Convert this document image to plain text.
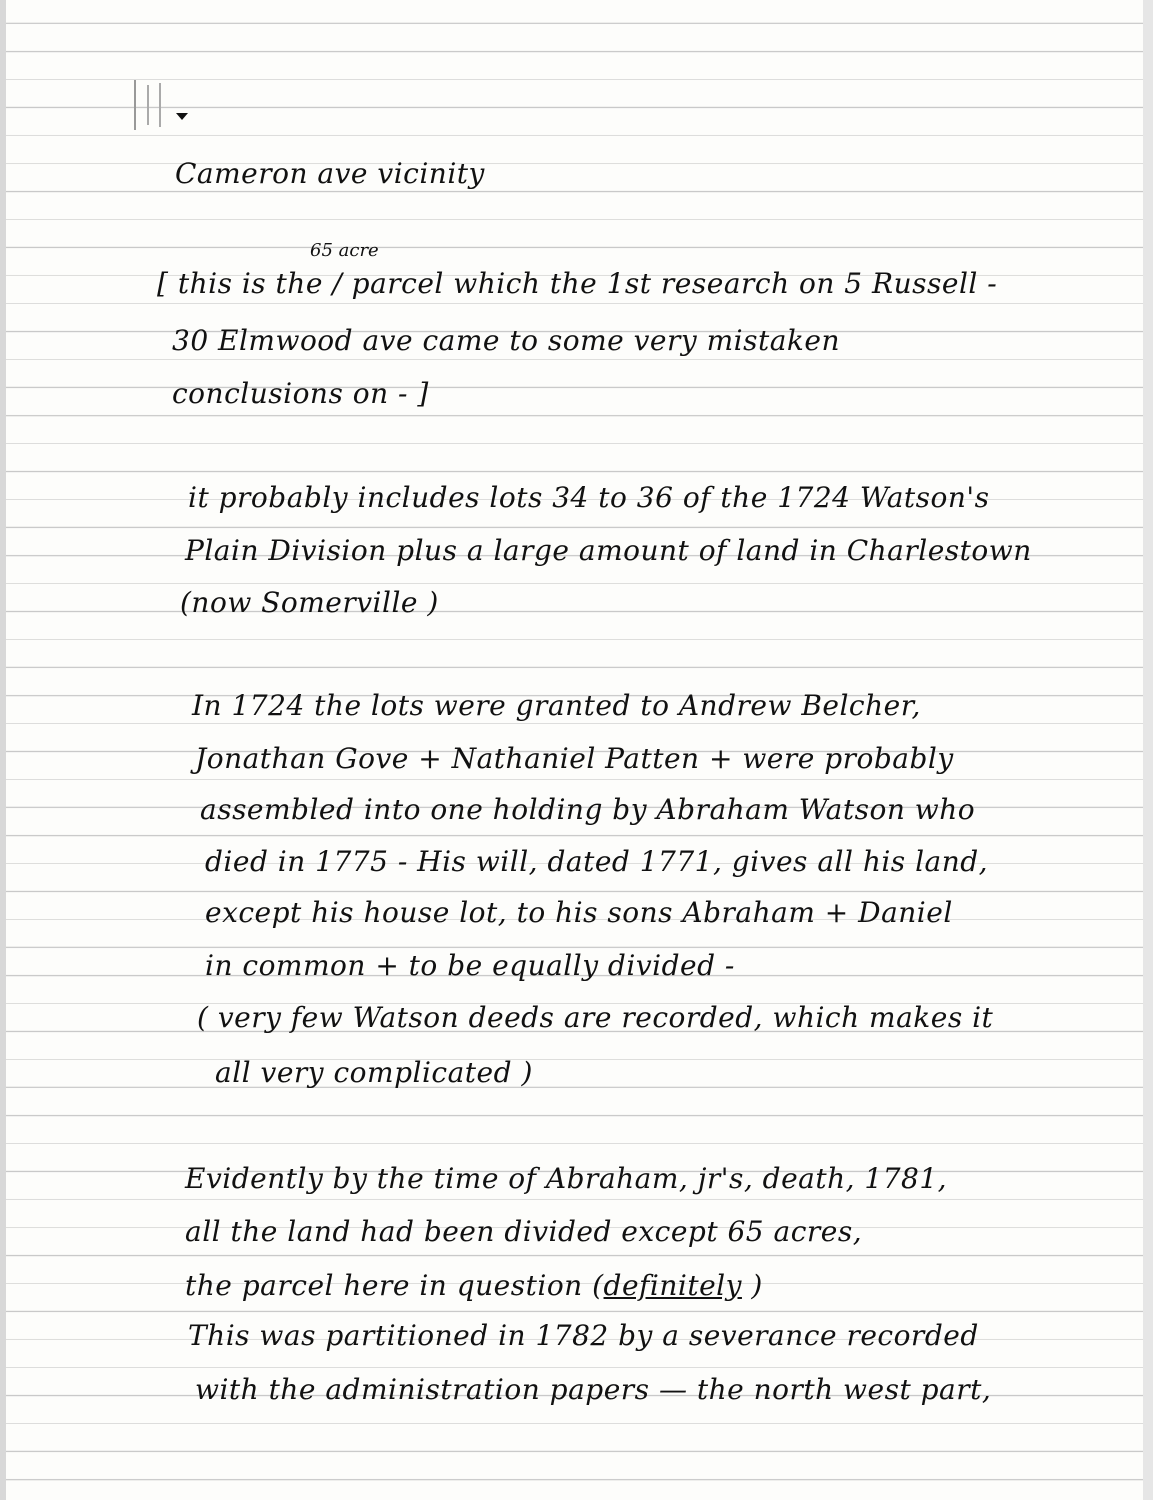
Cameron ave vicinity
65 acre
[ this is the / parcel which the 1st research on 5 Russell -
30 Elmwood ave came to some very mistaken
conclusions on - ]
it probably includes lots 34 to 36 of the 1724 Watson's
Plain Division plus a large amount of land in Charlestown
(now Somerville )
In 1724 the lots were granted to Andrew Belcher,
Jonathan Gove + Nathaniel Patten + were probably
assembled into one holding by Abraham Watson who
died in 1775 - His will, dated 1771, gives all his land,
except his house lot, to his sons Abraham + Daniel
in common + to be equally divided -
( very few Watson deeds are recorded, which makes it
all very complicated )
Evidently by the time of Abraham, jr's, death, 1781,
all the land had been divided except 65 acres,
the parcel here in question (definitely )
This was partitioned in 1782 by a severance recorded
with the administration papers — the north west part,
